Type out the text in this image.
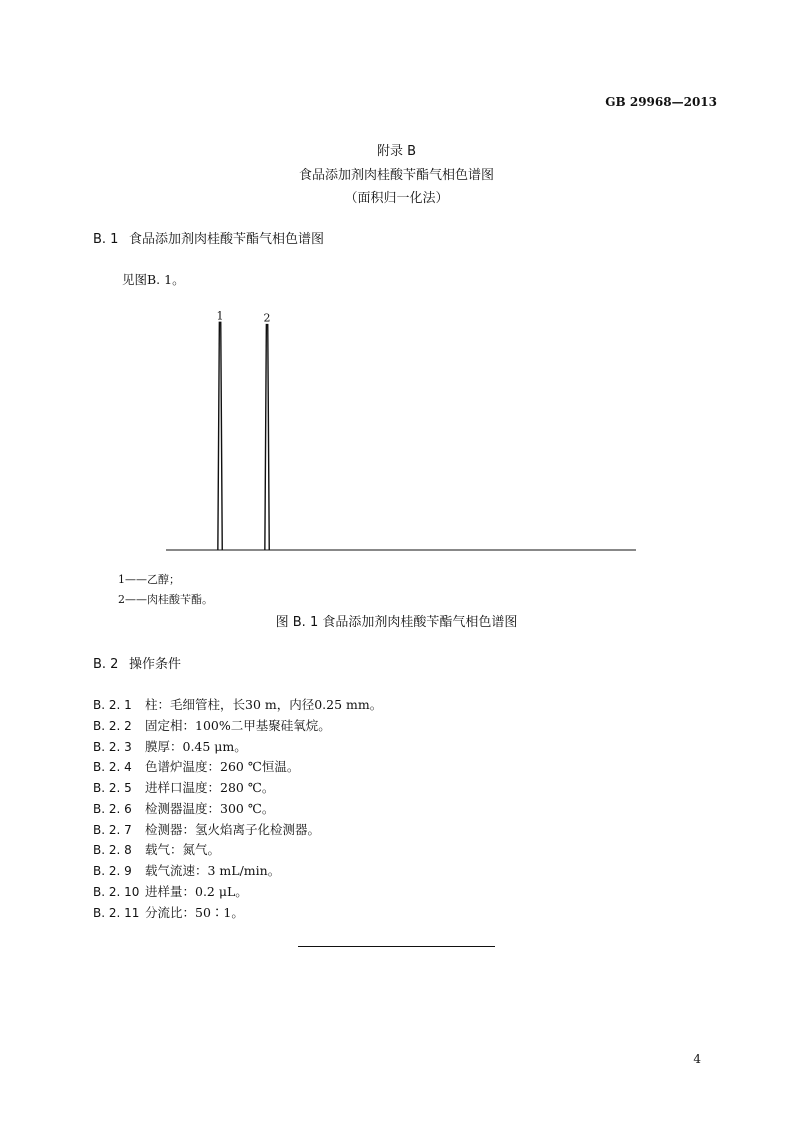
GB 29968—2013
附录 B
食品添加剂肉桂酸苄酯气相色谱图
（面积归一化法）
B. 1 食品添加剂肉桂酸苄酯气相色谱图
见图B. 1。
1	2
1——乙醇；
2——肉桂酸苄酯。
图 B. 1 食品添加剂肉桂酸苄酯气相色谱图
B. 2 操作条件
B. 2. 1 柱：毛细管柱，长30 m，内径0.25 mm。
B. 2. 2 固定相：100%二甲基聚硅氧烷。
B. 2. 3 膜厚：0.45 μm。
B. 2. 4 色谱炉温度：260 ℃恒温。
B. 2. 5 进样口温度：280 ℃。
B. 2. 6 检测器温度：300 ℃。
B. 2. 7 检测器：氢火焰离子化检测器。
B. 2. 8 载气：氮气。
B. 2. 9 载气流速：3 mL/min。
B. 2. 10 进样量：0.2 μL。
B. 2. 11 分流比：50∶1。
4
